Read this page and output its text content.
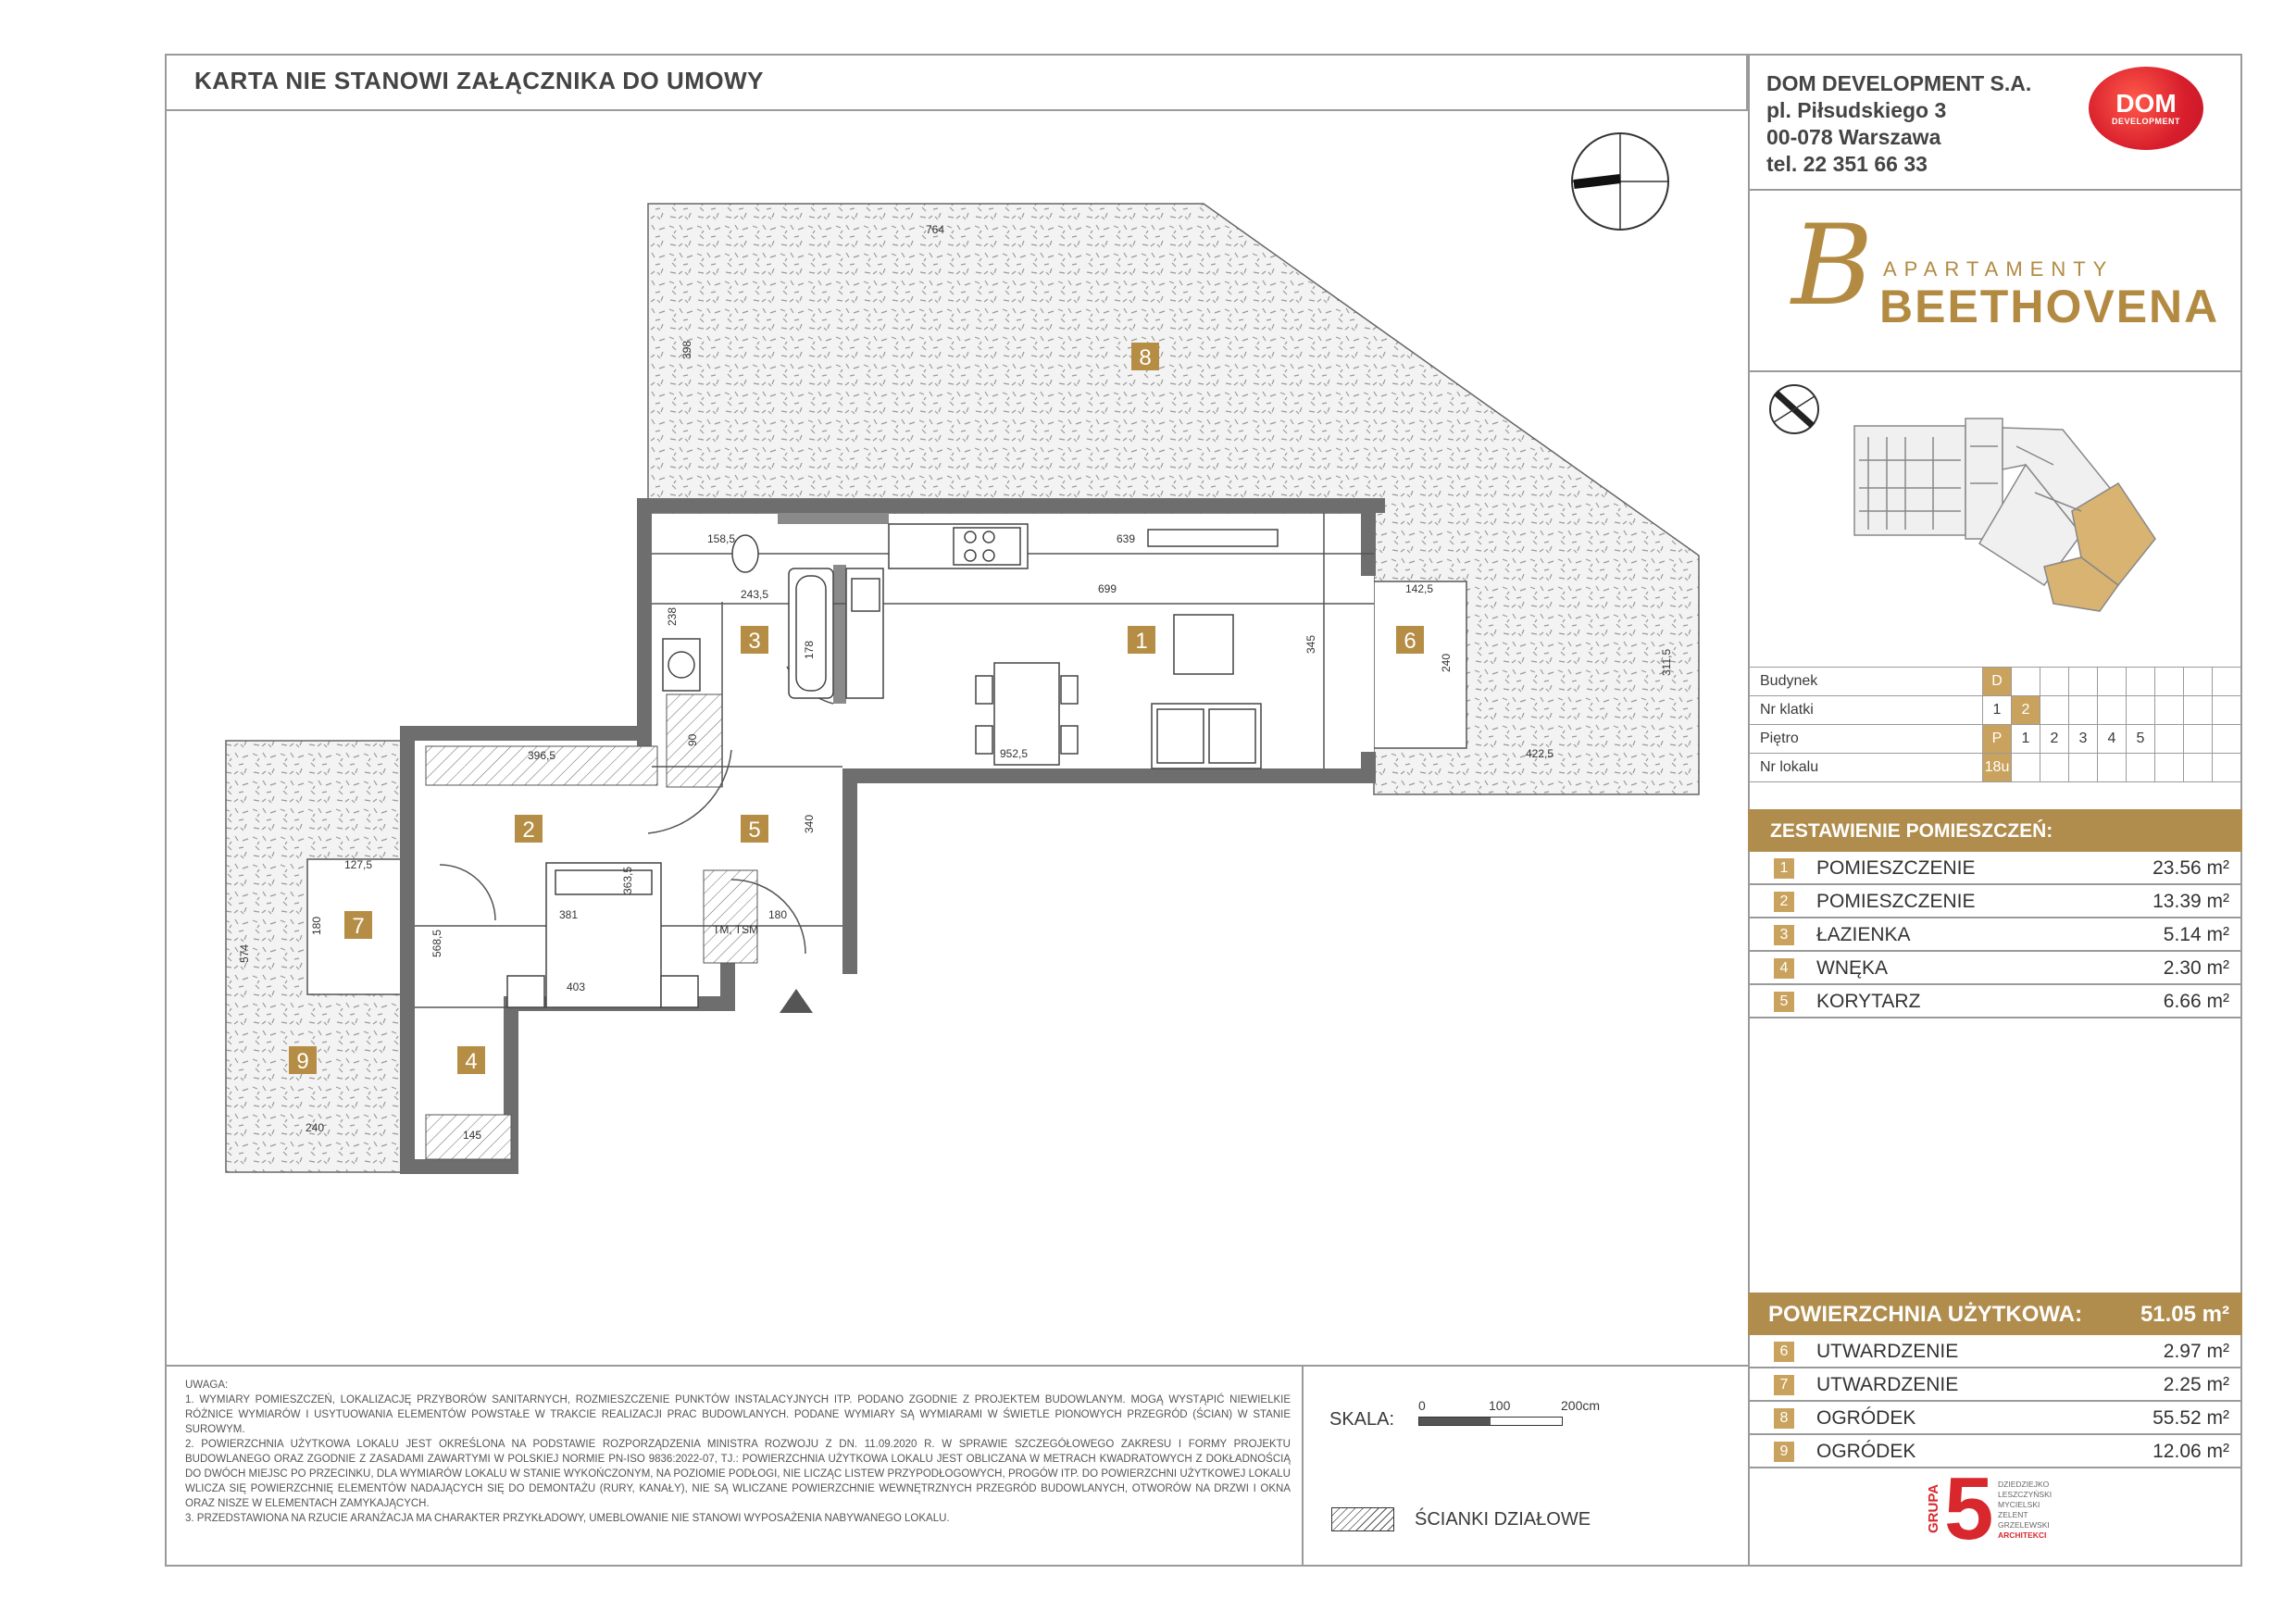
KARTA NIE STANOWI ZAŁĄCZNIKA DO UMOWY	DOM DEVELOPMENT S.A.
pl. Piłsudskiego 3
00-078 Warszawa
tel. 22 351 66 33
DOM
DEVELOPMENT
B APARTAMENTY
BEETHOVENA
Budynek	D								
Nr klatki	1	2							
Piętro	P	1	2	3	4	5			
Nr lokalu	18u								
ZESTAWIENIE POMIESZCZEŃ:
1	POMIESZCZENIE	23.56 m²
2	POMIESZCZENIE	13.39 m²
3	ŁAZIENKA	5.14 m²
4	WNĘKA	2.30 m²
5	KORYTARZ	6.66 m²
POWIERZCHNIA UŻYTKOWA:	51.05 m²
6	UTWARDZENIE	2.97 m²
7	UTWARDZENIE	2.25 m²
8	OGRÓDEK	55.52 m²
9	OGRÓDEK	12.06 m²
GRUPA 5 DZIEDZIEJKO
LESZCZYŃSKI
MYCIELSKI
ZELENT
GRZELEWSKI
ARCHITEKCI
UWAGA:
1. WYMIARY POMIESZCZEŃ, LOKALIZACJĘ PRZYBORÓW SANITARNYCH, ROZMIESZCZENIE PUNKTÓW INSTALACYJNYCH ITP. PODANO ZGODNIE Z PROJEKTEM BUDOWLANYM. MOGĄ WYSTĄPIĆ NIEWIELKIE RÓŻNICE WYMIARÓW I USYTUOWANIA ELEMENTÓW POWSTAŁE W TRAKCIE REALIZACJI PRAC BUDOWLANYCH. PODANE WYMIARY SĄ WYMIARAMI W ŚWIETLE PIONOWYCH PRZEGRÓD (ŚCIAN) W STANIE SUROWYM.
2. POWIERZCHNIA UŻYTKOWA LOKALU JEST OKREŚLONA NA PODSTAWIE ROZPORZĄDZENIA MINISTRA ROZWOJU Z DN. 11.09.2020 R. W SPRAWIE SZCZEGÓŁOWEGO ZAKRESU I FORMY PROJEKTU BUDOWLANEGO ORAZ ZGODNIE Z ZASADAMI ZAWARTYMI W POLSKIEJ NORMIE PN-ISO 9836:2022-07, TJ.: POWIERZCHNIA UŻYTKOWA LOKALU JEST OBLICZANA W METRACH KWADRATOWYCH Z DOKŁADNOŚCIĄ DO DWÓCH MIEJSC PO PRZECINKU, DLA WYMIARÓW LOKALU W STANIE WYKOŃCZONYM, NA POZIOMIE PODŁOGI, NIE LICZĄC LISTEW PRZYPODŁOGOWYCH, PROGÓW ITP. DO POWIERZCHNI UŻYTKOWEJ LOKALU WLICZA SIĘ POWIERZCHNIĘ ELEMENTÓW NADAJĄCYCH SIĘ DO DEMONTAŻU (RURY, KANAŁY), NIE SĄ WLICZANE POWIERZCHNIE WEWNĘTRZNYCH PRZEGRÓD BUDOWLANYCH, OTWORÓW NA DRZWI I OKNA ORAZ NISZE W ELEMENTACH ZAMYKAJĄCYCH.
3. PRZEDSTAWIONA NA RZUCIE ARANŻACJA MA CHARAKTER PRZYKŁADOWY, UMEBLOWANIE NIE STANOWI WYPOSAŻENIA NABYWANEGO LOKALU.
SKALA:
0	100	200cm
ŚCIANKI DZIAŁOWE
8
1
3	6
2	5
7
9	4
764
398
158,5	639
243,5
238
699
178	345
142,5
240	311,5
422,5
952,5
396,5
340
363,5
127,5
180
568,5
381	180
403
574
240
145
90
TM, TSM
